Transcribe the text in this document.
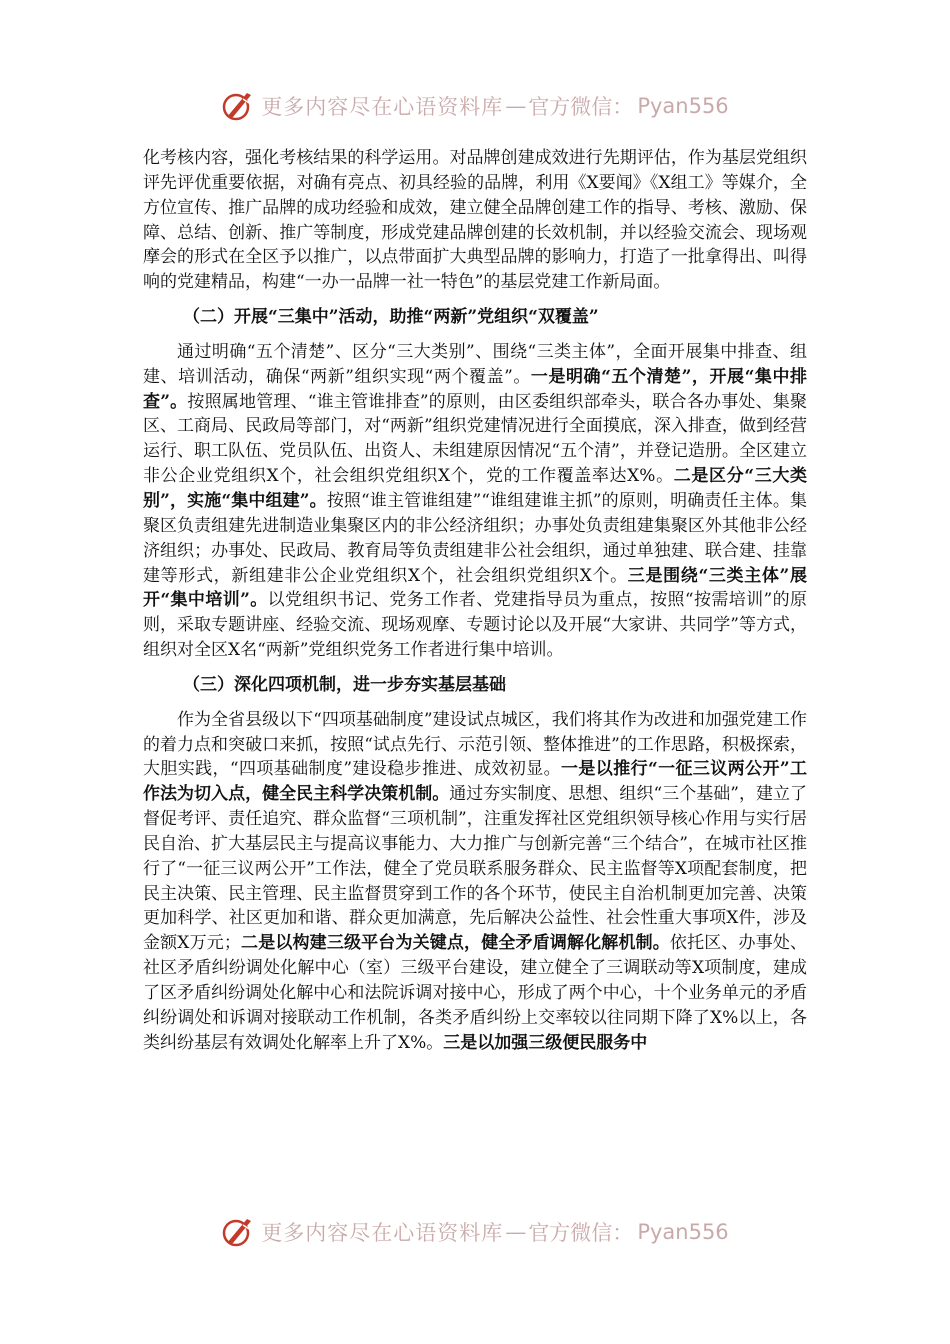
更多内容尽在心语资料库 — 官方微信： Pyan556

化考核内容，强化考核结果的科学运用。对品牌创建成效进行先期评估，作为基层党组织评先评优重要依据，对确有亮点、初具经验的品牌，利用《X要闻》《X组工》等媒介，全方位宣传、推广品牌的成功经验和成效，建立健全品牌创建工作的指导、考核、激励、保障、总结、创新、推广等制度，形成党建品牌创建的长效机制，并以经验交流会、现场观摩会的形式在全区予以推广，以点带面扩大典型品牌的影响力，打造了一批拿得出、叫得响的党建精品，构建“一办一品牌一社一特色”的基层党建工作新局面。

（二）开展“三集中”活动，助推“两新”党组织“双覆盖”

通过明确“五个清楚”、区分“三大类别”、围绕“三类主体”，全面开展集中排查、组建、培训活动，确保“两新”组织实现“两个覆盖”。一是明确“五个清楚”，开展“集中排查”。按照属地管理、“谁主管谁排查”的原则，由区委组织部牵头，联合各办事处、集聚区、工商局、民政局等部门，对“两新”组织党建情况进行全面摸底，深入排查，做到经营运行、职工队伍、党员队伍、出资人、未组建原因情况“五个清”，并登记造册。全区建立非公企业党组织X个，社会组织党组织X个，党的工作覆盖率达X%。二是区分“三大类别”，实施“集中组建”。按照“谁主管谁组建”“谁组建谁主抓”的原则，明确责任主体。集聚区负责组建先进制造业集聚区内的非公经济组织；办事处负责组建集聚区外其他非公经济组织；办事处、民政局、教育局等负责组建非公社会组织，通过单独建、联合建、挂靠建等形式，新组建非公企业党组织X个，社会组织党组织X个。三是围绕“三类主体”展开“集中培训”。以党组织书记、党务工作者、党建指导员为重点，按照“按需培训”的原则，采取专题讲座、经验交流、现场观摩、专题讨论以及开展“大家讲、共同学”等方式，组织对全区X名“两新”党组织党务工作者进行集中培训。

（三）深化四项机制，进一步夯实基层基础

作为全省县级以下“四项基础制度”建设试点城区，我们将其作为改进和加强党建工作的着力点和突破口来抓，按照“试点先行、示范引领、整体推进”的工作思路，积极探索，大胆实践，“四项基础制度”建设稳步推进、成效初显。一是以推行“一征三议两公开”工作法为切入点，健全民主科学决策机制。通过夯实制度、思想、组织“三个基础”，建立了督促考评、责任追究、群众监督“三项机制”，注重发挥社区党组织领导核心作用与实行居民自治、扩大基层民主与提高议事能力、大力推广与创新完善“三个结合”，在城市社区推行了“一征三议两公开”工作法，健全了党员联系服务群众、民主监督等X项配套制度，把民主决策、民主管理、民主监督贯穿到工作的各个环节，使民主自治机制更加完善、决策更加科学、社区更加和谐、群众更加满意，先后解决公益性、社会性重大事项X件，涉及金额X万元；二是以构建三级平台为关键点，健全矛盾调解化解机制。依托区、办事处、社区矛盾纠纷调处化解中心（室）三级平台建设，建立健全了三调联动等X项制度，建成了区矛盾纠纷调处化解中心和法院诉调对接中心，形成了两个中心，十个业务单元的矛盾纠纷调处和诉调对接联动工作机制，各类矛盾纠纷上交率较以往同期下降了X%以上，各类纠纷基层有效调处化解率上升了X%。三是以加强三级便民服务中

更多内容尽在心语资料库 — 官方微信： Pyan556
